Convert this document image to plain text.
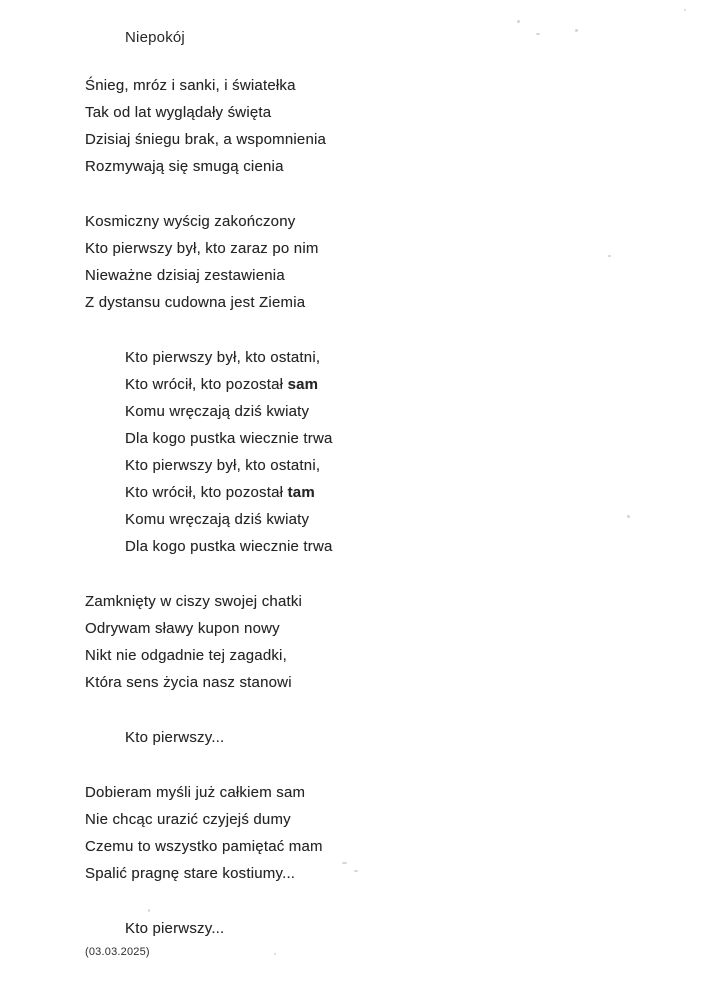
Niepokój
Śnieg, mróz i sanki, i światełka
Tak od lat wyglądały święta
Dzisiaj śniegu brak, a wspomnienia
Rozmywają się smugą cienia
Kosmiczny wyścig zakończony
Kto pierwszy był, kto zaraz po nim
Nieważne dzisiaj zestawienia
Z dystansu cudowna jest Ziemia
Kto pierwszy był, kto ostatni,
Kto wrócił, kto pozostał sam
Komu wręczają dziś kwiaty
Dla kogo pustka wiecznie trwa
Kto pierwszy był, kto ostatni,
Kto wrócił, kto pozostał tam
Komu wręczają dziś kwiaty
Dla kogo pustka wiecznie trwa
Zamknięty w ciszy swojej chatki
Odrywam sławy kupon nowy
Nikt nie odgadnie tej zagadki,
Która sens życia nasz stanowi
Kto pierwszy...
Dobieram myśli już całkiem sam
Nie chcąc urazić czyjejś dumy
Czemu to wszystko pamiętać mam
Spalić pragnę stare kostiumy...
Kto pierwszy...
(03.03.2025)
